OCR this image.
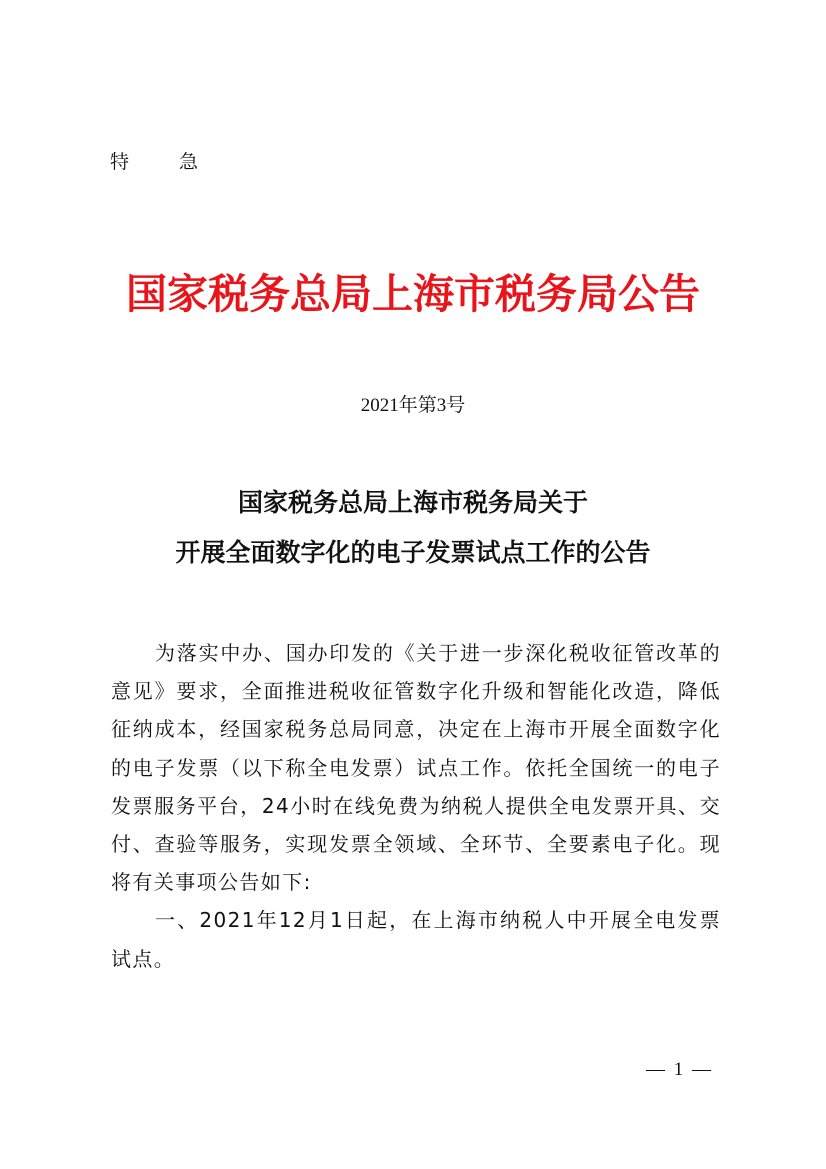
特 急
国家税务总局上海市税务局公告
2021年第3号
国家税务总局上海市税务局关于
开展全面数字化的电子发票试点工作的公告

为落实中办、国办印发的《关于进一步深化税收征管改革的意见》要求，全面推进税收征管数字化升级和智能化改造，降低征纳成本，经国家税务总局同意，决定在上海市开展全面数字化的电子发票（以下称全电发票）试点工作。依托全国统一的电子发票服务平台，24小时在线免费为纳税人提供全电发票开具、交付、查验等服务，实现发票全领域、全环节、全要素电子化。现将有关事项公告如下:

一、2021年12月1日起，在上海市纳税人中开展全电发票试点。

— 1 —
